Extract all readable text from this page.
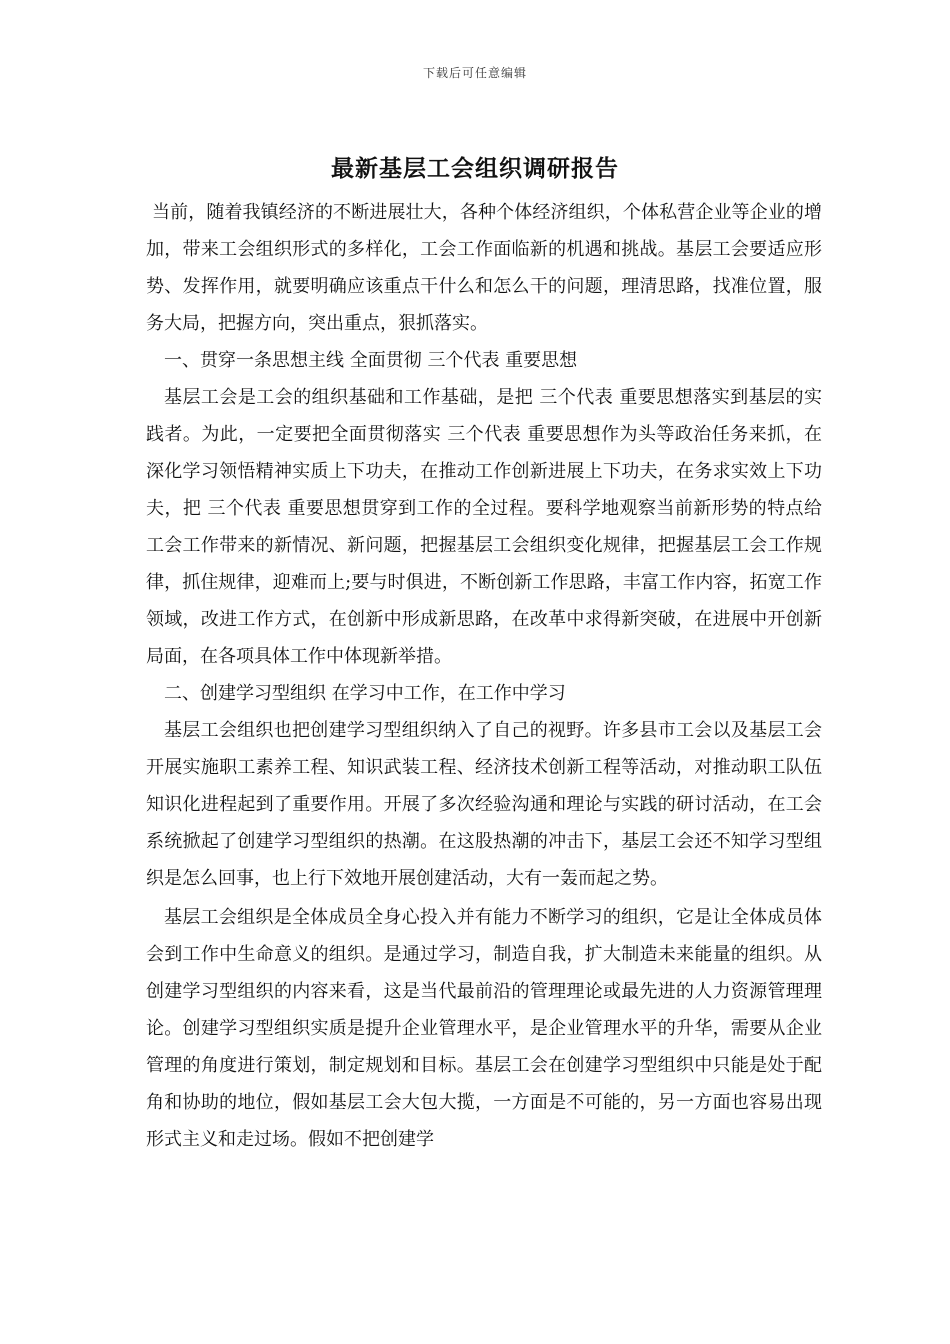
下载后可任意编辑
最新基层工会组织调研报告

当前，随着我镇经济的不断进展壮大，各种个体经济组织，个体私营企业等企业的增加，带来工会组织形式的多样化，工会工作面临新的机遇和挑战。基层工会要适应形势、发挥作用，就要明确应该重点干什么和怎么干的问题，理清思路，找准位置，服务大局，把握方向，突出重点，狠抓落实。

一、贯穿一条思想主线 全面贯彻 三个代表 重要思想

基层工会是工会的组织基础和工作基础，是把 三个代表 重要思想落实到基层的实践者。为此，一定要把全面贯彻落实 三个代表 重要思想作为头等政治任务来抓，在深化学习领悟精神实质上下功夫，在推动工作创新进展上下功夫，在务求实效上下功夫，把 三个代表 重要思想贯穿到工作的全过程。要科学地观察当前新形势的特点给工会工作带来的新情况、新问题，把握基层工会组织变化规律，把握基层工会工作规律，抓住规律，迎难而上;要与时俱进，不断创新工作思路，丰富工作内容，拓宽工作领域，改进工作方式，在创新中形成新思路，在改革中求得新突破，在进展中开创新局面，在各项具体工作中体现新举措。

二、创建学习型组织 在学习中工作，在工作中学习

基层工会组织也把创建学习型组织纳入了自己的视野。许多县市工会以及基层工会开展实施职工素养工程、知识武装工程、经济技术创新工程等活动，对推动职工队伍知识化进程起到了重要作用。开展了多次经验沟通和理论与实践的研讨活动，在工会系统掀起了创建学习型组织的热潮。在这股热潮的冲击下，基层工会还不知学习型组织是怎么回事，也上行下效地开展创建活动，大有一轰而起之势。

基层工会组织是全体成员全身心投入并有能力不断学习的组织，它是让全体成员体会到工作中生命意义的组织。是通过学习，制造自我，扩大制造未来能量的组织。从创建学习型组织的内容来看，这是当代最前沿的管理理论或最先进的人力资源管理理论。创建学习型组织实质是提升企业管理水平，是企业管理水平的升华，需要从企业管理的角度进行策划，制定规划和目标。基层工会在创建学习型组织中只能是处于配角和协助的地位，假如基层工会大包大揽，一方面是不可能的，另一方面也容易出现形式主义和走过场。假如不把创建学
